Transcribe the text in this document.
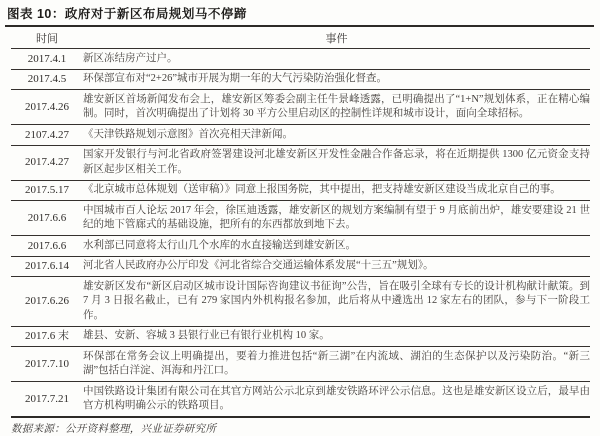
图表 10：政府对于新区布局规划马不停蹄
时间	事件
2017.4.1	新区冻结房产过户。
2017.4.5	环保部宣布对“2+26”城市开展为期一年的大气污染防治强化督查。
2017.4.26	雄安新区首场新闻发布会上，雄安新区筹委会副主任牛景峰透露，已明确提出了“1+N”规划体系，正在精心编制。同时，首次明确提出了计划将 30 平方公里启动区的控制性详规和城市设计，面向全球招标。
2107.4.27	《天津铁路规划示意图》首次亮相天津新闻。
2017.4.27	国家开发银行与河北省政府签署建设河北雄安新区开发性金融合作备忘录，将在近期提供 1300 亿元资金支持新区起步区相关工作。
2017.5.17	《北京城市总体规划（送审稿）》同意上报国务院，其中提出，把支持雄安新区建设当成北京自己的事。
2017.6.6	中国城市百人论坛 2017 年会，徐匡迪透露，雄安新区的规划方案编制有望于 9 月底前出炉，雄安要建设 21 世纪的地下管廊式的基础设施，把所有的东西都放到地下去。
2017.6.6	水利部已同意将太行山几个水库的水直接输送到雄安新区。
2017.6.14	河北省人民政府办公厅印发《河北省综合交通运输体系发展“十三五”规划》。
2017.6.26	雄安新区发布“新区启动区城市设计国际咨询建议书征询”公告，旨在吸引全球有专长的设计机构献计献策。到 7 月 3 日报名截止，已有 279 家国内外机构报名参加，此后将从中遴选出 12 家左右的团队，参与下一阶段工作。
2017.6 末	雄县、安新、容城 3 县银行业已有银行业机构 10 家。
2017.7.10	环保部在常务会议上明确提出，要着力推进包括“新三湖”在内流域、湖泊的生态保护以及污染防治。“新三湖”包括白洋淀、洱海和丹江口。
2017.7.21	中国铁路设计集团有限公司在其官方网站公示北京到雄安铁路环评公示信息。这也是雄安新区设立后，最早由官方机构明确公示的铁路项目。
数据来源：公开资料整理，兴业证券研究所
